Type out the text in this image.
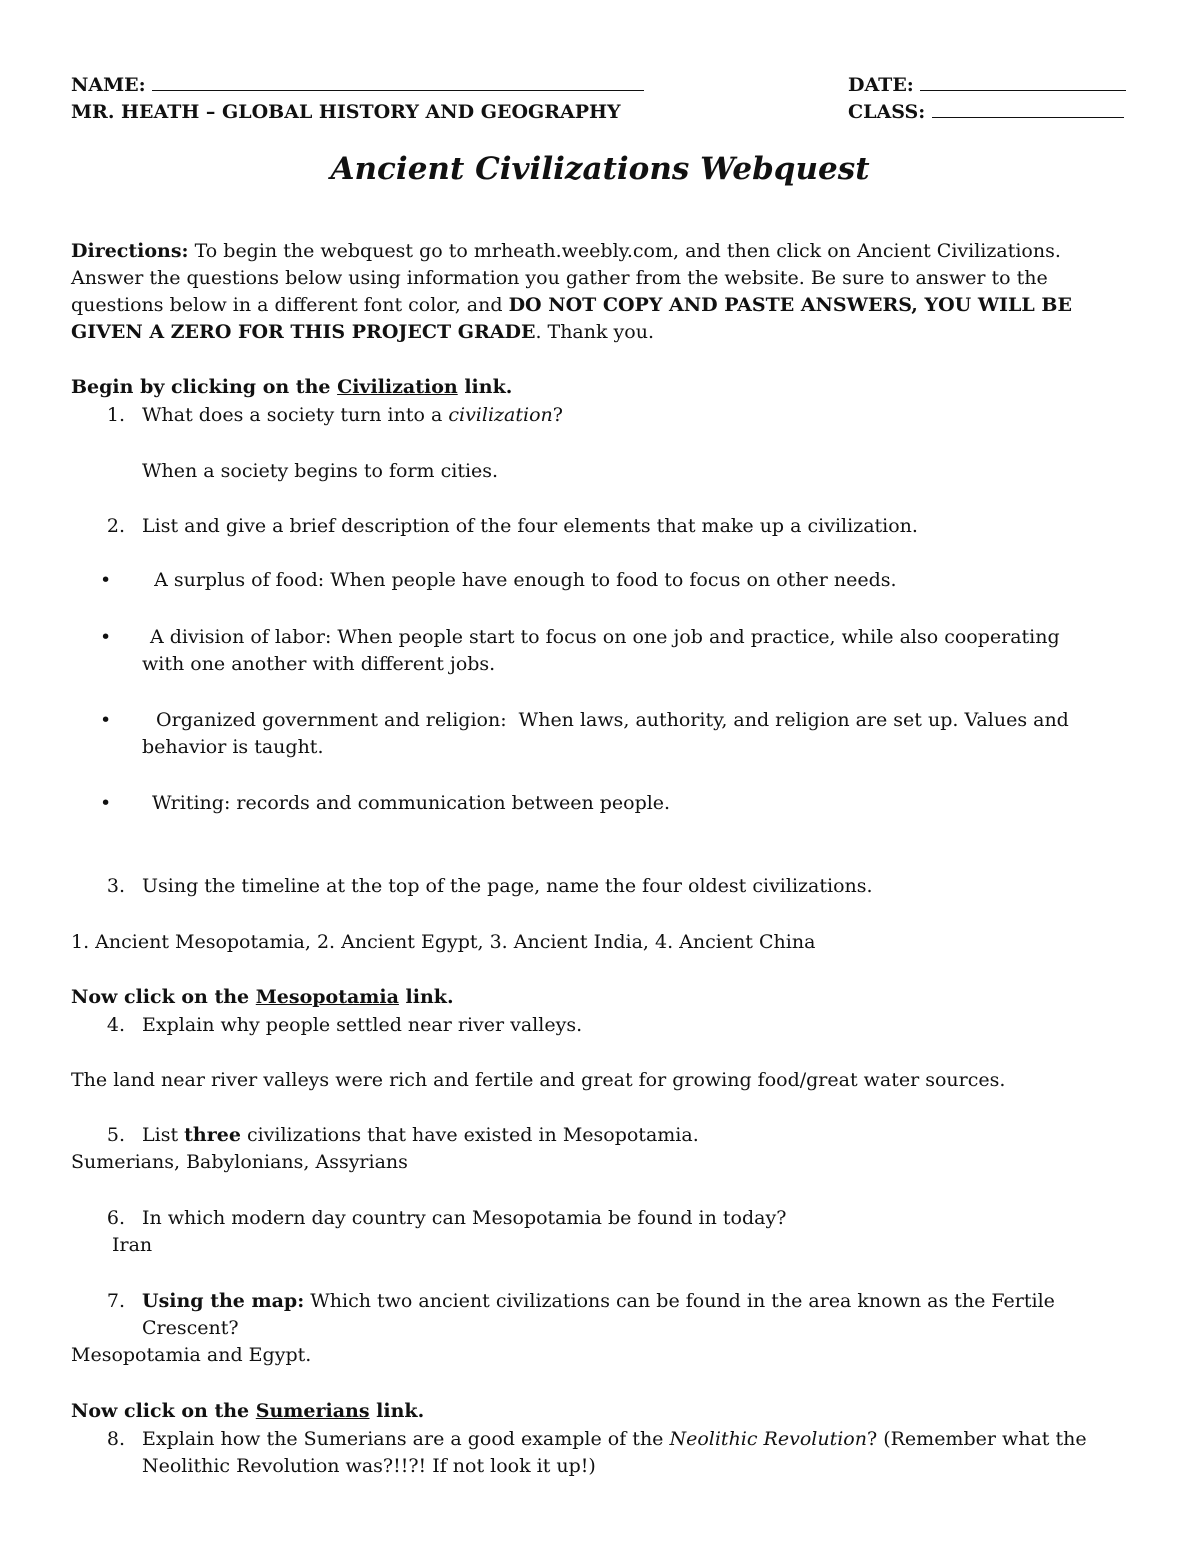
NAME:	DATE:
MR. HEATH – GLOBAL HISTORY AND GEOGRAPHY	CLASS:
Ancient Civilizations Webquest
Directions: To begin the webquest go to mrheath.weebly.com, and then click on Ancient Civilizations.
Answer the questions below using information you gather from the website. Be sure to answer to the
questions below in a different font color, and DO NOT COPY AND PASTE ANSWERS, YOU WILL BE
GIVEN A ZERO FOR THIS PROJECT GRADE. Thank you.
Begin by clicking on the Civilization link.
1. What does a society turn into a civilization?
When a society begins to form cities.
2. List and give a brief description of the four elements that make up a civilization.
• A surplus of food: When people have enough to food to focus on other needs.
• A division of labor: When people start to focus on one job and practice, while also cooperating
with one another with different jobs.
• Organized government and religion:  When laws, authority, and religion are set up. Values and
behavior is taught.
• Writing: records and communication between people.
3. Using the timeline at the top of the page, name the four oldest civilizations.
1. Ancient Mesopotamia, 2. Ancient Egypt, 3. Ancient India, 4. Ancient China
Now click on the Mesopotamia link.
4. Explain why people settled near river valleys.
The land near river valleys were rich and fertile and great for growing food/great water sources.
5. List three civilizations that have existed in Mesopotamia.
Sumerians, Babylonians, Assyrians
6. In which modern day country can Mesopotamia be found in today?
Iran
7. Using the map: Which two ancient civilizations can be found in the area known as the Fertile
Crescent?
Mesopotamia and Egypt.
Now click on the Sumerians link.
8. Explain how the Sumerians are a good example of the Neolithic Revolution? (Remember what the
Neolithic Revolution was?!!?! If not look it up!)
